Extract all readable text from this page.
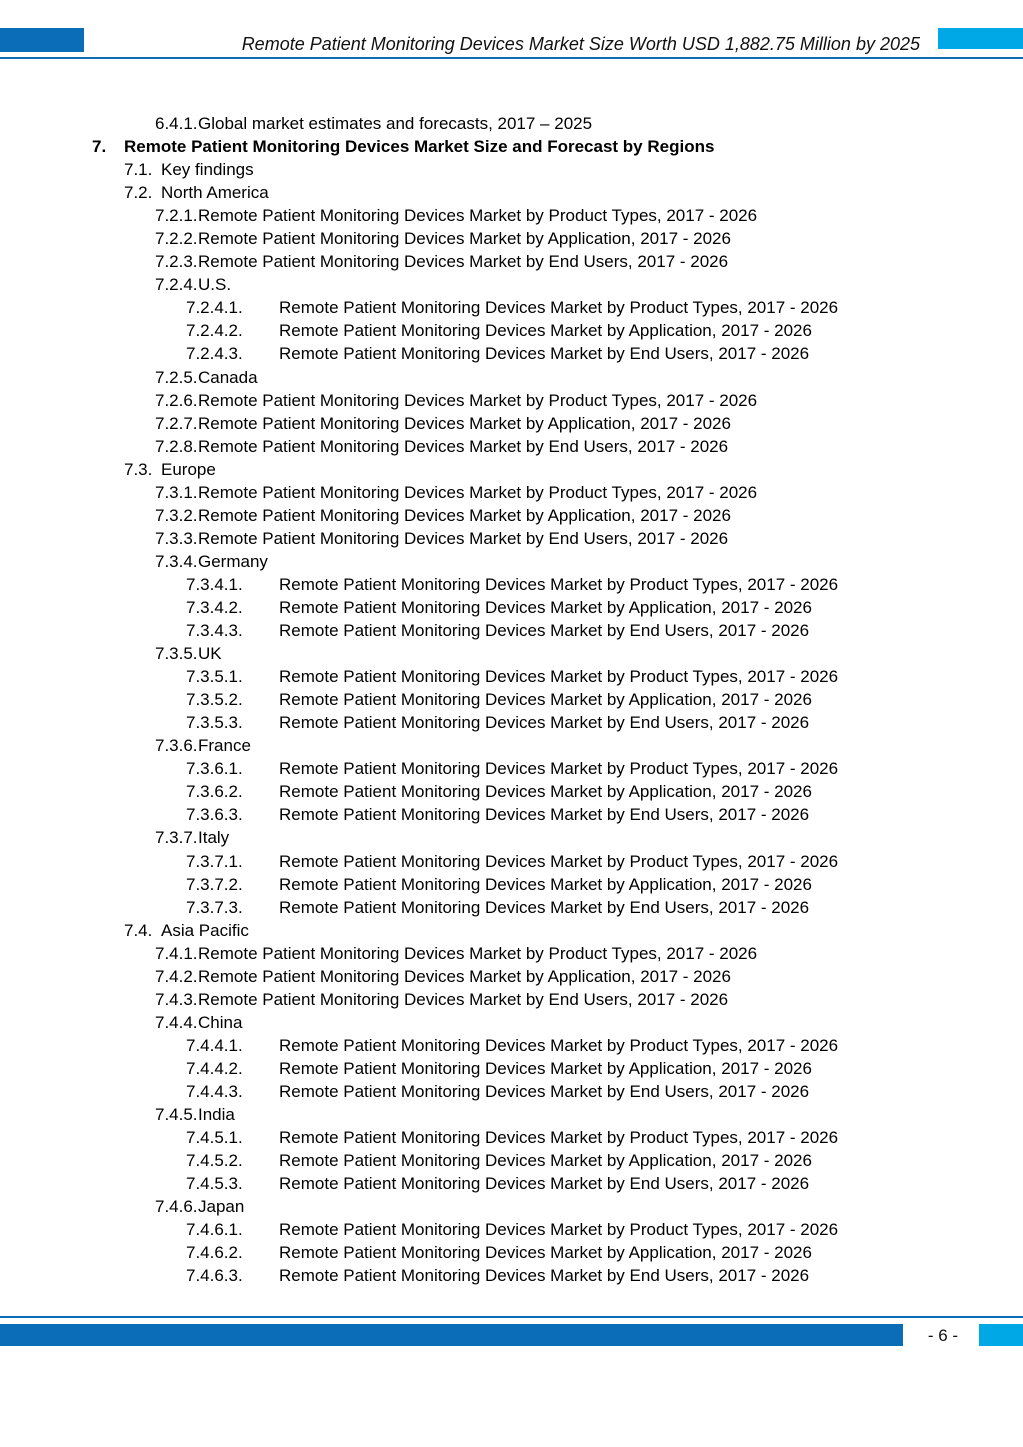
Remote Patient Monitoring Devices Market Size Worth USD 1,882.75 Million by 2025
6.4.1. Global market estimates and forecasts, 2017 – 2025
7. Remote Patient Monitoring Devices Market Size and Forecast by Regions
7.1. Key findings
7.2. North America
7.2.1. Remote Patient Monitoring Devices Market by Product Types, 2017 - 2026
7.2.2. Remote Patient Monitoring Devices Market by Application, 2017 - 2026
7.2.3. Remote Patient Monitoring Devices Market by End Users, 2017 - 2026
7.2.4. U.S.
7.2.4.1. Remote Patient Monitoring Devices Market by Product Types, 2017 - 2026
7.2.4.2. Remote Patient Monitoring Devices Market by Application, 2017 - 2026
7.2.4.3. Remote Patient Monitoring Devices Market by End Users, 2017 - 2026
7.2.5. Canada
7.2.6. Remote Patient Monitoring Devices Market by Product Types, 2017 - 2026
7.2.7. Remote Patient Monitoring Devices Market by Application, 2017 - 2026
7.2.8. Remote Patient Monitoring Devices Market by End Users, 2017 - 2026
7.3. Europe
7.3.1. Remote Patient Monitoring Devices Market by Product Types, 2017 - 2026
7.3.2. Remote Patient Monitoring Devices Market by Application, 2017 - 2026
7.3.3. Remote Patient Monitoring Devices Market by End Users, 2017 - 2026
7.3.4. Germany
7.3.4.1. Remote Patient Monitoring Devices Market by Product Types, 2017 - 2026
7.3.4.2. Remote Patient Monitoring Devices Market by Application, 2017 - 2026
7.3.4.3. Remote Patient Monitoring Devices Market by End Users, 2017 - 2026
7.3.5. UK
7.3.5.1. Remote Patient Monitoring Devices Market by Product Types, 2017 - 2026
7.3.5.2. Remote Patient Monitoring Devices Market by Application, 2017 - 2026
7.3.5.3. Remote Patient Monitoring Devices Market by End Users, 2017 - 2026
7.3.6. France
7.3.6.1. Remote Patient Monitoring Devices Market by Product Types, 2017 - 2026
7.3.6.2. Remote Patient Monitoring Devices Market by Application, 2017 - 2026
7.3.6.3. Remote Patient Monitoring Devices Market by End Users, 2017 - 2026
7.3.7. Italy
7.3.7.1. Remote Patient Monitoring Devices Market by Product Types, 2017 - 2026
7.3.7.2. Remote Patient Monitoring Devices Market by Application, 2017 - 2026
7.3.7.3. Remote Patient Monitoring Devices Market by End Users, 2017 - 2026
7.4. Asia Pacific
7.4.1. Remote Patient Monitoring Devices Market by Product Types, 2017 - 2026
7.4.2. Remote Patient Monitoring Devices Market by Application, 2017 - 2026
7.4.3. Remote Patient Monitoring Devices Market by End Users, 2017 - 2026
7.4.4. China
7.4.4.1. Remote Patient Monitoring Devices Market by Product Types, 2017 - 2026
7.4.4.2. Remote Patient Monitoring Devices Market by Application, 2017 - 2026
7.4.4.3. Remote Patient Monitoring Devices Market by End Users, 2017 - 2026
7.4.5. India
7.4.5.1. Remote Patient Monitoring Devices Market by Product Types, 2017 - 2026
7.4.5.2. Remote Patient Monitoring Devices Market by Application, 2017 - 2026
7.4.5.3. Remote Patient Monitoring Devices Market by End Users, 2017 - 2026
7.4.6. Japan
7.4.6.1. Remote Patient Monitoring Devices Market by Product Types, 2017 - 2026
7.4.6.2. Remote Patient Monitoring Devices Market by Application, 2017 - 2026
7.4.6.3. Remote Patient Monitoring Devices Market by End Users, 2017 - 2026
- 6 -
